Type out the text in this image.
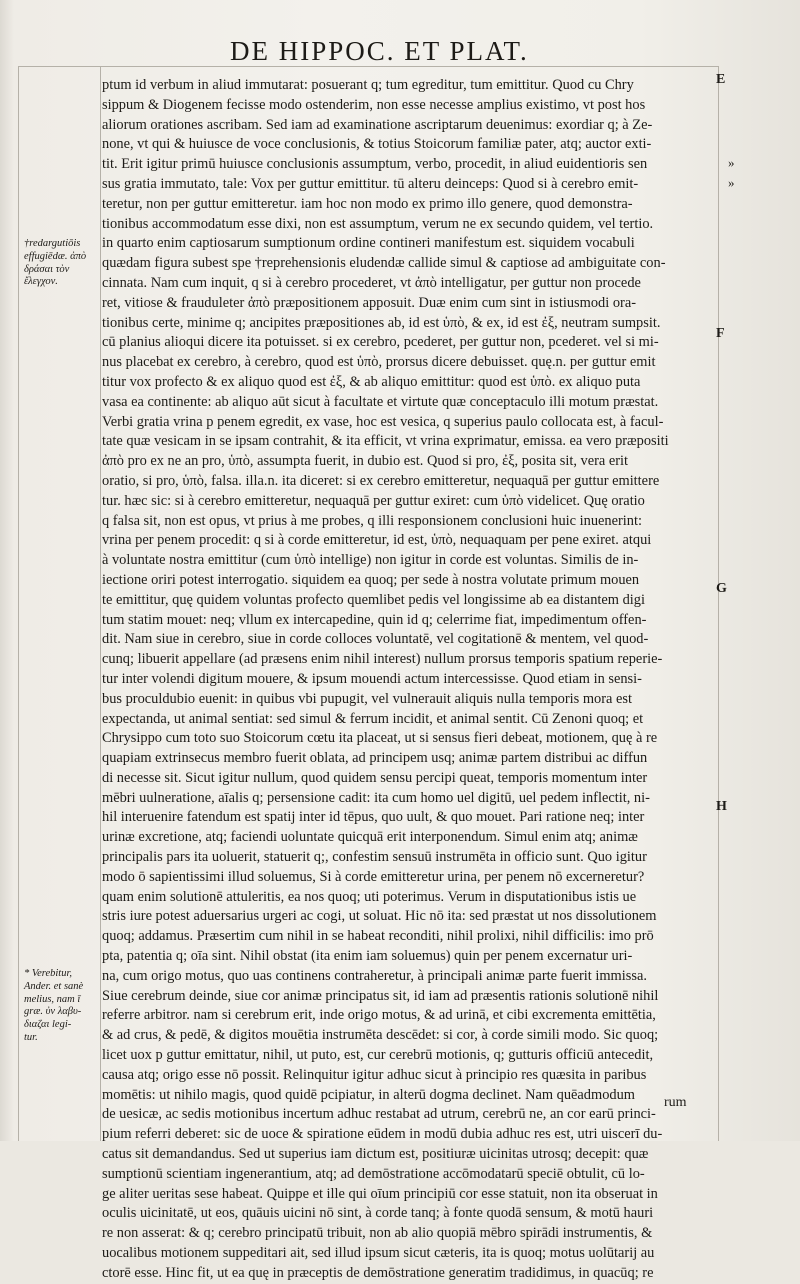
DE HIPPOC. ET PLAT.
ptum id verbum in aliud immutarat: posuerant q; tum egreditur, tum emittitur. Quod cu Chry
sippum & Diogenem fecisse modo ostenderim, non esse necesse amplius existimo, vt post hos
aliorum orationes ascribam. Sed iam ad examinatione ascriptarum deuenimus: exordiar q; à Ze-
none, vt qui & huiusce de voce conclusionis, & totius Stoicorum familiæ pater, atq; auctor exti-
tit. Erit igitur primū huiusce conclusionis assumptum, verbo, procedit, in aliud euidentioris sen
sus gratia immutato, tale: Vox per guttur emittitur. tū alteru deinceps: Quod si à cerebro emit-
teretur, non per guttur emitteretur. iam hoc non modo ex primo illo genere, quod demonstra-
tionibus accommodatum esse dixi, non est assumptum, verum ne ex secundo quidem, vel tertio.
in quarto enim captiosarum sumptionum ordine contineri manifestum est. siquidem vocabuli
quædam figura subest spe †reprehensionis eludendæ callide simul & captiose ad ambiguitate con-
cinnata. Nam cum inquit, q si à cerebro procederet, vt ἀπὸ intelligatur, per guttur non procede
ret, vitiose & frauduleter ἀπὸ præpositionem apposuit. Duæ enim cum sint in istiusmodi ora-
tionibus certe, minime q; ancipites præpositiones ab, id est ὑπὸ, & ex, id est ἐξ, neutram sumpsit.
cū planius alioqui dicere ita potuisset. si ex cerebro, pcederet, per guttur non, pcederet. vel si mi-
nus placebat ex cerebro, à cerebro, quod est ὑπὸ, prorsus dicere debuisset. quę.n. per guttur emit
titur vox profecto & ex aliquo quod est ἐξ, & ab aliquo emittitur: quod est ὑπὸ. ex aliquo puta
vasa ea continente: ab aliquo aūt sicut à facultate et virtute quæ conceptaculo illi motum præstat.
Verbi gratia vrina p penem egredit, ex vase, hoc est vesica, q superius paulo collocata est, à facul-
tate quæ vesicam in se ipsam contrahit, & ita efficit, vt vrina exprimatur, emissa. ea vero præpositi
ἀπὸ pro ex ne an pro, ὑπὸ, assumpta fuerit, in dubio est. Quod si pro, ἐξ, posita sit, vera erit
oratio, si pro, ὑπὸ, falsa. illa.n. ita diceret: si ex cerebro emitteretur, nequaquā per guttur emittere
tur. hæc sic: si à cerebro emitteretur, nequaquā per guttur exiret: cum ὑπὸ videlicet. Quę oratio
q falsa sit, non est opus, vt prius à me probes, q illi responsionem conclusioni huic inuenerint:
vrina per penem procedit: q si à corde emitteretur, id est, ὑπὸ, nequaquam per pene exiret. atqui
à voluntate nostra emittitur (cum ὑπὸ intellige) non igitur in corde est voluntas. Similis de in-
iectione oriri potest interrogatio. siquidem ea quoq; per sede à nostra volutate primum mouen
te emittitur, quę quidem voluntas profecto quemlibet pedis vel longissime ab ea distantem digi
tum statim mouet: neq; vllum ex intercapedine, quin id q; celerrime fiat, impedimentum offen-
dit. Nam siue in cerebro, siue in corde colloces voluntatē, vel cogitationē & mentem, vel quod-
cunq; libuerit appellare (ad præsens enim nihil interest) nullum prorsus temporis spatium reperie-
tur inter volendi digitum mouere, & ipsum mouendi actum intercessisse. Quod etiam in sensi-
bus proculdubio euenit: in quibus vbi pupugit, vel vulnerauit aliquis nulla temporis mora est
expectanda, ut animal sentiat: sed simul & ferrum incidit, et animal sentit. Cū Zenoni quoq; et
Chrysippo cum toto suo Stoicorum cœtu ita placeat, ut si sensus fieri debeat, motionem, quę à re
quapiam extrinsecus membro fuerit oblata, ad principem usq; animæ partem distribui ac diffun
di necesse sit. Sicut igitur nullum, quod quidem sensu percipi queat, temporis momentum inter
mēbri uulneratione, aīalis q; persensione cadit: ita cum homo uel digitū, uel pedem inflectit, ni-
hil interuenire fatendum est spatij inter id tēpus, quo uult, & quo mouet. Pari ratione neq; inter
urinæ excretione, atq; faciendi uoluntate quicquā erit interponendum. Simul enim atq; animæ
principalis pars ita uoluerit, statuerit q;, confestim sensuū instrumēta in officio sunt. Quo igitur
modo ō sapientissimi illud soluemus, Si à corde emitteretur urina, per penem nō excerneretur?
quam enim solutionē attuleritis, ea nos quoq; uti poterimus. Verum in disputationibus istis ue
stris iure potest aduersarius urgeri ac cogi, ut soluat. Hic nō ita: sed præstat ut nos dissolutionem
quoq; addamus. Præsertim cum nihil in se habeat reconditi, nihil prolixi, nihil difficilis: imo prō
pta, patentia q; oīa sint. Nihil obstat (ita enim iam soluemus) quin per penem excernatur uri-
na, cum origo motus, quo uas continens contraheretur, à principali animæ parte fuerit immissa.
Siue cerebrum deinde, siue cor animæ principatus sit, id iam ad præsentis rationis solutionē nihil
referre arbitror. nam si cerebrum erit, inde origo motus, & ad urinā, et cibi excrementa emittētia,
& ad crus, & pedē, & digitos mouētia instrumēta descēdet: si cor, à corde simili modo. Sic quoq;
licet uox p guttur emittatur, nihil, ut puto, est, cur cerebrū motionis, q; gutturis officiū antecedit,
causa atq; origo esse nō possit. Relinquitur igitur adhuc sicut à principio res quæsita in paribus
momētis: ut nihilo magis, quod quidē pcipiatur, in alterū dogma declinet. Nam quēadmodum
de uesicæ, ac sedis motionibus incertum adhuc restabat ad utrum, cerebrū ne, an cor earū princi-
pium referri deberet: sic de uoce & spiratione eūdem in modū dubia adhuc res est, utri uiscerī du-
catus sit demandandus. Sed ut superius iam dictum est, positiuræ uicinitas utrosq; decepit: quæ
sumptionū scientiam ingenerantium, atq; ad demōstratione accōmodatarū speciē obtulit, cū lo-
ge aliter ueritas sese habeat. Quippe et ille qui oīum principiū cor esse statuit, non ita obseruat in
oculis uicinitatē, ut eos, quāuis uicini nō sint, à corde tanq; à fonte quodā sensum, & motū hauri
re non asserat: & q; cerebro principatū tribuit, non ab alio quopiā mēbro spirādi instrumentis, &
uocalibus motionem suppeditari ait, sed illud ipsum sicut cæteris, ita is quoq; motus uolūtarij au
ctorē esse. Hinc fit, ut ea quę in præceptis de demōstratione generatim tradidimus, in quacūq; re
E
F
G
H
»
»
†redargutiōis
effugiēdæ. ἀπὸ
δράσαι τὸν
ἔλεγχον.
* Verebitur,
Ander. et sanè
melius, nam ī
græ. ὐν λαβυ-
διαζαι legi-
tur.
rum
